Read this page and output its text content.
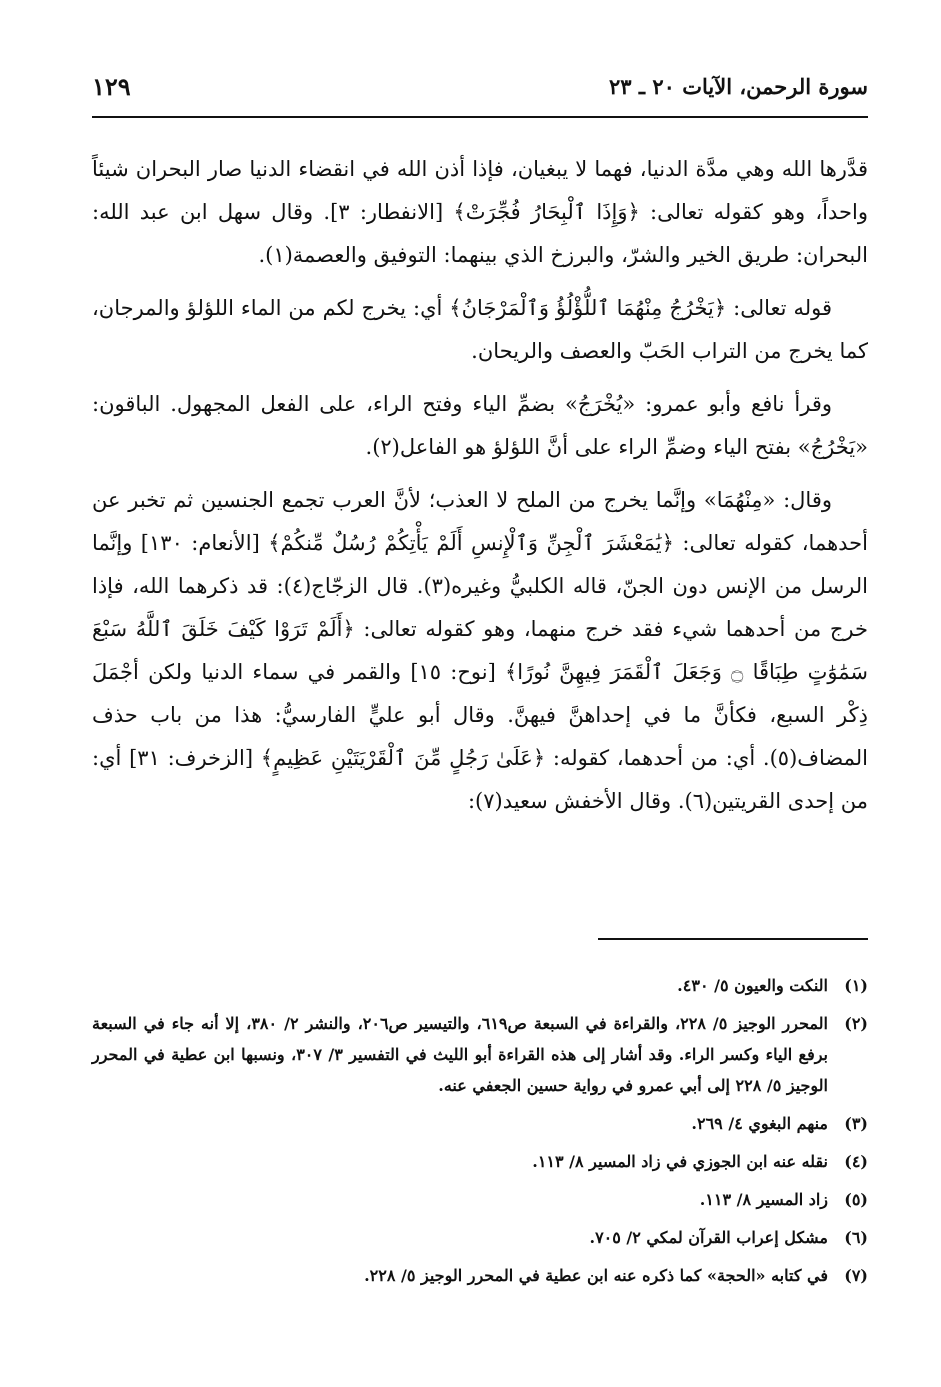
سورة الرحمن، الآيات ٢٠ ـ ٢٣
١٢٩

قدَّرها الله وهي مدَّة الدنيا، فهما لا يبغيان، فإذا أذن الله في انقضاء الدنيا صار البحران شيئاً واحداً، وهو كقوله تعالى: ﴿وَإِذَا ٱلْبِحَارُ فُجِّرَتْ﴾ [الانفطار: ٣]. وقال سهل ابن عبد الله: البحران: طريق الخير والشرّ، والبرزخ الذي بينهما: التوفيق والعصمة(١).

قوله تعالى: ﴿يَخْرُجُ مِنْهُمَا ٱللُّؤْلُؤُ وَٱلْمَرْجَانُ﴾ أي: يخرج لكم من الماء اللؤلؤ والمرجان، كما يخرج من التراب الحَبّ والعصف والريحان.

وقرأ نافع وأبو عمرو: «يُخْرَجُ» بضمِّ الياء وفتح الراء، على الفعل المجهول. الباقون: «يَخْرُجُ» بفتح الياء وضمِّ الراء على أنَّ اللؤلؤ هو الفاعل(٢).

وقال: «مِنْهُمَا» وإنَّما يخرج من الملح لا العذب؛ لأنَّ العرب تجمع الجنسين ثم تخبر عن أحدهما، كقوله تعالى: ﴿يَٰمَعْشَرَ ٱلْجِنِّ وَٱلْإِنسِ أَلَمْ يَأْتِكُمْ رُسُلٌ مِّنكُمْ﴾ [الأنعام: ١٣٠] وإنَّما الرسل من الإنس دون الجنّ، قاله الكلبيُّ وغيره(٣). قال الزجّاج(٤): قد ذكرهما الله، فإذا خرج من أحدهما شيء فقد خرج منهما، وهو كقوله تعالى: ﴿أَلَمْ تَرَوْا كَيْفَ خَلَقَ ٱللَّهُ سَبْعَ سَمَٰوَٰتٍ طِبَاقًا ۝ وَجَعَلَ ٱلْقَمَرَ فِيهِنَّ نُورًا﴾ [نوح: ١٥] والقمر في سماء الدنيا ولكن أجْمَلَ ذِكْر السبع، فكأنَّ ما في إحداهنَّ فيهنَّ. وقال أبو عليٍّ الفارسيُّ: هذا من باب حذف المضاف(٥). أي: من أحدهما، كقوله: ﴿عَلَىٰ رَجُلٍ مِّنَ ٱلْقَرْيَتَيْنِ عَظِيمٍ﴾ [الزخرف: ٣١] أي: من إحدى القريتين(٦). وقال الأخفش سعيد(٧):

(١)
النكت والعيون ٥/ ٤٣٠.
(٢)
المحرر الوجيز ٥/ ٢٢٨، والقراءة في السبعة ص٦١٩، والتيسير ص٢٠٦، والنشر ٢/ ٣٨٠، إلا أنه جاء في السبعة برفع الياء وكسر الراء. وقد أشار إلى هذه القراءة أبو الليث في التفسير ٣/ ٣٠٧، ونسبها ابن عطية في المحرر الوجيز ٥/ ٢٢٨ إلى أبي عمرو في رواية حسين الجعفي عنه.
(٣)
منهم البغوي ٤/ ٢٦٩.
(٤)
نقله عنه ابن الجوزي في زاد المسير ٨/ ١١٣.
(٥)
زاد المسير ٨/ ١١٣.
(٦)
مشكل إعراب القرآن لمكي ٢/ ٧٠٥.
(٧)
في كتابه «الحجة» كما ذكره عنه ابن عطية في المحرر الوجيز ٥/ ٢٢٨.
